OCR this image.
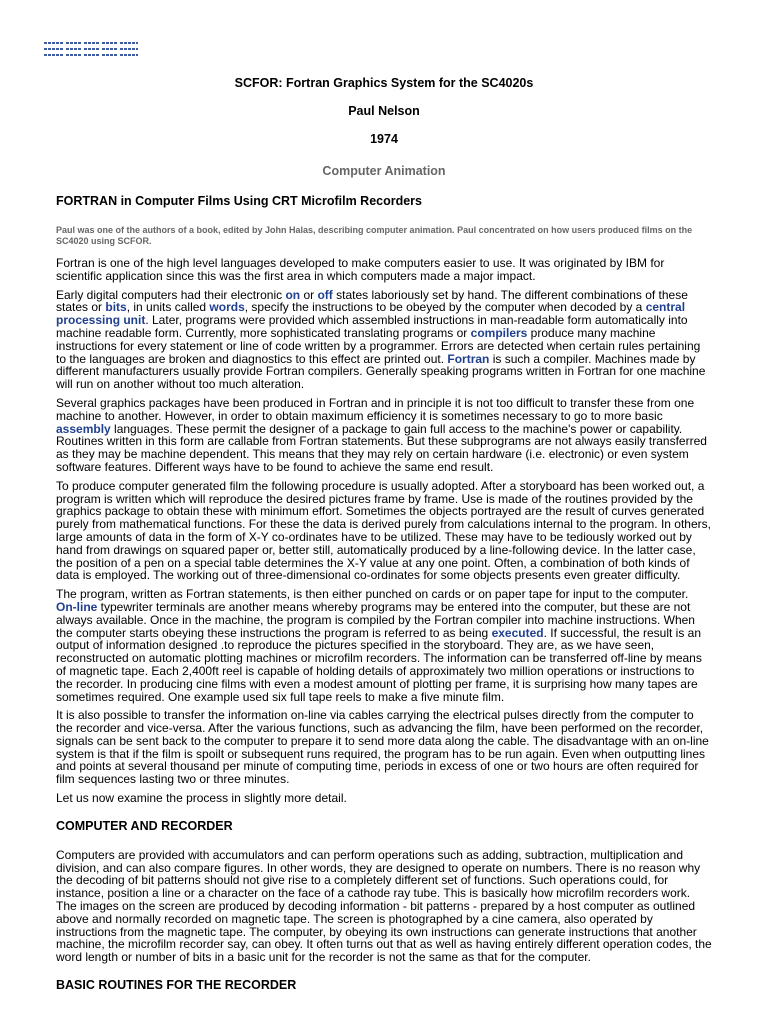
SCFOR: Fortran Graphics System for the SC4020s
Paul Nelson
1974
Computer Animation
FORTRAN in Computer Films Using CRT Microfilm Recorders

Paul was one of the authors of a book, edited by John Halas, describing computer animation. Paul concentrated on how users produced films on the SC4020 using SCFOR.

Fortran is one of the high level languages developed to make computers easier to use. It was originated by IBM for scientific application since this was the first area in which computers made a major impact.

Early digital computers had their electronic on or off states laboriously set by hand. The different combinations of these states or bits, in units called words, specify the instructions to be obeyed by the computer when decoded by a central processing unit. Later, programs were provided which assembled instructions in man-readable form automatically into machine readable form. Currently, more sophisticated translating programs or compilers produce many machine instructions for every statement or line of code written by a programmer. Errors are detected when certain rules pertaining to the languages are broken and diagnostics to this effect are printed out. Fortran is such a compiler. Machines made by different manufacturers usually provide Fortran compilers. Generally speaking programs written in Fortran for one machine will run on another without too much alteration.

Several graphics packages have been produced in Fortran and in principle it is not too difficult to transfer these from one machine to another. However, in order to obtain maximum efficiency it is sometimes necessary to go to more basic assembly languages. These permit the designer of a package to gain full access to the machine's power or capability. Routines written in this form are callable from Fortran statements. But these subprograms are not always easily transferred as they may be machine dependent. This means that they may rely on certain hardware (i.e. electronic) or even system software features. Different ways have to be found to achieve the same end result.

To produce computer generated film the following procedure is usually adopted. After a storyboard has been worked out, a program is written which will reproduce the desired pictures frame by frame. Use is made of the routines provided by the graphics package to obtain these with minimum effort. Sometimes the objects portrayed are the result of curves generated purely from mathematical functions. For these the data is derived purely from calculations internal to the program. In others, large amounts of data in the form of X-Y co-ordinates have to be utilized. These may have to be tediously worked out by hand from drawings on squared paper or, better still, automatically produced by a line-following device. In the latter case, the position of a pen on a special table determines the X-Y value at any one point. Often, a combination of both kinds of data is employed. The working out of three-dimensional co-ordinates for some objects presents even greater difficulty.

The program, written as Fortran statements, is then either punched on cards or on paper tape for input to the computer. On-line typewriter terminals are another means whereby programs may be entered into the computer, but these are not always available. Once in the machine, the program is compiled by the Fortran compiler into machine instructions. When the computer starts obeying these instructions the program is referred to as being executed. If successful, the result is an output of information designed .to reproduce the pictures specified in the storyboard. They are, as we have seen, reconstructed on automatic plotting machines or microfilm recorders. The information can be transferred off-line by means of magnetic tape. Each 2,400ft reel is capable of holding details of approximately two million operations or instructions to the recorder. In producing cine films with even a modest amount of plotting per frame, it is surprising how many tapes are sometimes required. One example used six full tape reels to make a five minute film.

It is also possible to transfer the information on-line via cables carrying the electrical pulses directly from the computer to the recorder and vice-versa. After the various functions, such as advancing the film, have been performed on the recorder, signals can be sent back to the computer to prepare it to send more data along the cable. The disadvantage with an on-line system is that if the film is spoilt or subsequent runs required, the program has to be run again. Even when outputting lines and points at several thousand per minute of computing time, periods in excess of one or two hours are often required for film sequences lasting two or three minutes.

Let us now examine the process in slightly more detail.

COMPUTER AND RECORDER

Computers are provided with accumulators and can perform operations such as adding, subtraction, multiplication and division, and can also compare figures. In other words, they are designed to operate on numbers. There is no reason why the decoding of bit patterns should not give rise to a completely different set of functions. Such operations could, for instance, position a line or a character on the face of a cathode ray tube. This is basically how microfilm recorders work. The images on the screen are produced by decoding information - bit patterns - prepared by a host computer as outlined above and normally recorded on magnetic tape. The screen is photographed by a cine camera, also operated by instructions from the magnetic tape. The computer, by obeying its own instructions can generate instructions that another machine, the microfilm recorder say, can obey. It often turns out that as well as having entirely different operation codes, the word length or number of bits in a basic unit for the recorder is not the same as that for the computer.

BASIC ROUTINES FOR THE RECORDER
